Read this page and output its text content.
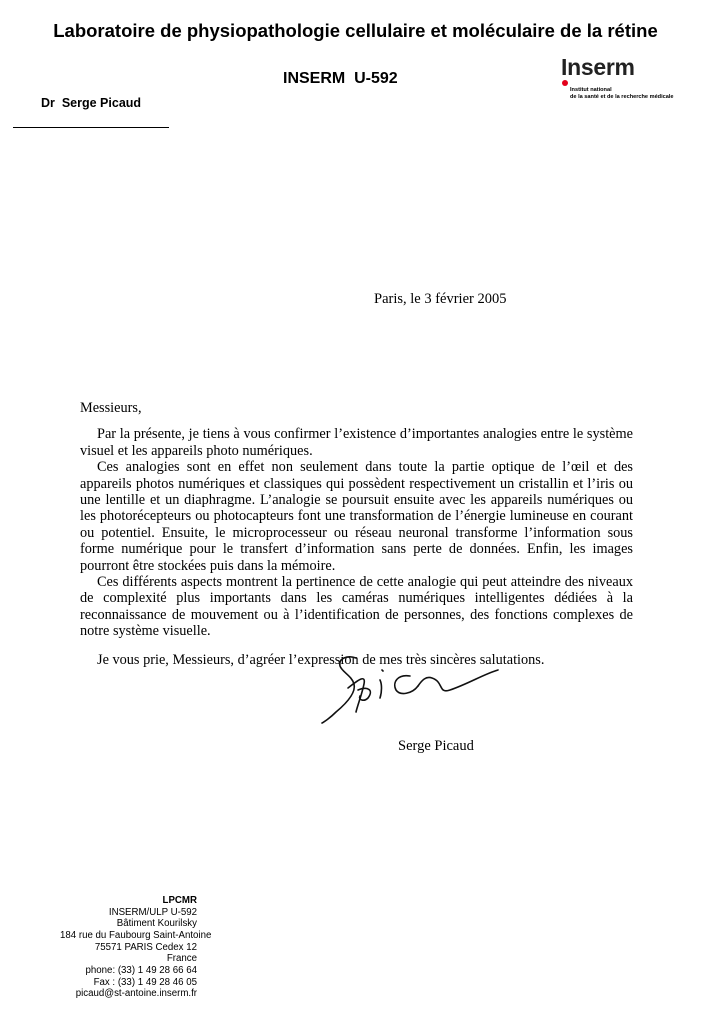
Laboratoire de physiopathologie cellulaire et moléculaire de la rétine
INSERM  U-592
Dr  Serge Picaud
Inserm
Institut national
de la santé et de la recherche médicale
Paris, le 3 février 2005

Messieurs,

Par la présente, je tiens à vous confirmer l’existence d’importantes analogies entre le système visuel et les appareils photo numériques.

Ces analogies sont en effet non seulement dans toute la partie optique de l’œil et des appareils photos numériques et classiques qui possèdent respectivement un cristallin et l’iris ou une lentille et un diaphragme. L’analogie se poursuit ensuite avec les appareils numériques ou les photorécepteurs ou photocapteurs font une transformation de l’énergie lumineuse en courant ou potentiel. Ensuite, le microprocesseur ou réseau neuronal transforme l’information sous forme numérique pour le transfert d’information sans perte de données. Enfin, les images pourront être stockées puis dans la mémoire.

Ces différents aspects montrent la pertinence de cette analogie qui peut atteindre des niveaux de complexité plus importants dans les caméras numériques intelligentes dédiées à la reconnaissance de mouvement ou à l’identification de personnes, des fonctions complexes de notre système visuelle.

Je vous prie, Messieurs, d’agréer l’expression de mes très sincères salutations.

Serge Picaud
LPCMR
INSERM/ULP U-592
Bâtiment Kourilsky
184 rue du Faubourg Saint-Antoine
75571 PARIS Cedex 12
France
phone: (33) 1 49 28 66 64
Fax : (33) 1 49 28 46 05
picaud@st-antoine.inserm.fr
